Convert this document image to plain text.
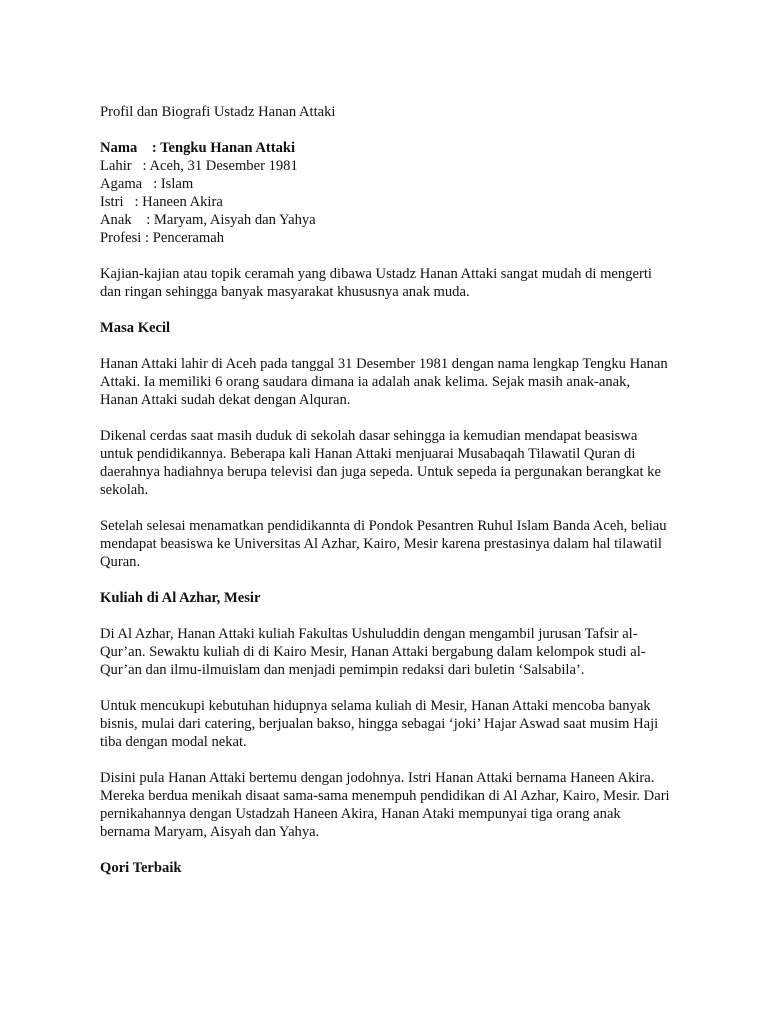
Profil dan Biografi Ustadz Hanan Attaki

Nama    : Tengku Hanan Attaki

Lahir   : Aceh, 31 Desember 1981

Agama   : Islam

Istri   : Haneen Akira

Anak    : Maryam, Aisyah dan Yahya

Profesi : Penceramah

Kajian-kajian atau topik ceramah yang dibawa Ustadz Hanan Attaki sangat mudah di mengerti dan ringan sehingga banyak masyarakat khususnya anak muda.

Masa Kecil

Hanan Attaki lahir di Aceh pada tanggal 31 Desember 1981 dengan nama lengkap Tengku Hanan Attaki. Ia memiliki 6 orang saudara dimana ia adalah anak kelima. Sejak masih anak-anak, Hanan Attaki sudah dekat dengan Alquran.

Dikenal cerdas saat masih duduk di sekolah dasar sehingga ia kemudian mendapat beasiswa untuk pendidikannya. Beberapa kali Hanan Attaki menjuarai Musabaqah Tilawatil Quran di daerahnya hadiahnya berupa televisi dan juga sepeda. Untuk sepeda ia pergunakan berangkat ke sekolah.

Setelah selesai menamatkan pendidikannta di Pondok Pesantren Ruhul Islam Banda Aceh, beliau mendapat beasiswa ke Universitas Al Azhar, Kairo, Mesir karena prestasinya dalam hal tilawatil Quran.

Kuliah di Al Azhar, Mesir

Di Al Azhar, Hanan Attaki kuliah Fakultas Ushuluddin dengan mengambil jurusan Tafsir al-Qur’an. Sewaktu kuliah di di Kairo Mesir, Hanan Attaki bergabung dalam kelompok studi al-Qur’an dan ilmu-ilmuislam dan menjadi pemimpin redaksi dari buletin ‘Salsabila’.

Untuk mencukupi kebutuhan hidupnya selama kuliah di Mesir, Hanan Attaki mencoba banyak bisnis, mulai dari catering, berjualan bakso, hingga sebagai ‘joki’ Hajar Aswad saat musim Haji tiba dengan modal nekat.

Disini pula Hanan Attaki bertemu dengan jodohnya. Istri Hanan Attaki bernama Haneen Akira. Mereka berdua menikah disaat sama-sama menempuh pendidikan di Al Azhar, Kairo, Mesir. Dari pernikahannya dengan Ustadzah Haneen Akira, Hanan Ataki mempunyai tiga orang anak bernama Maryam, Aisyah dan Yahya.

Qori Terbaik
